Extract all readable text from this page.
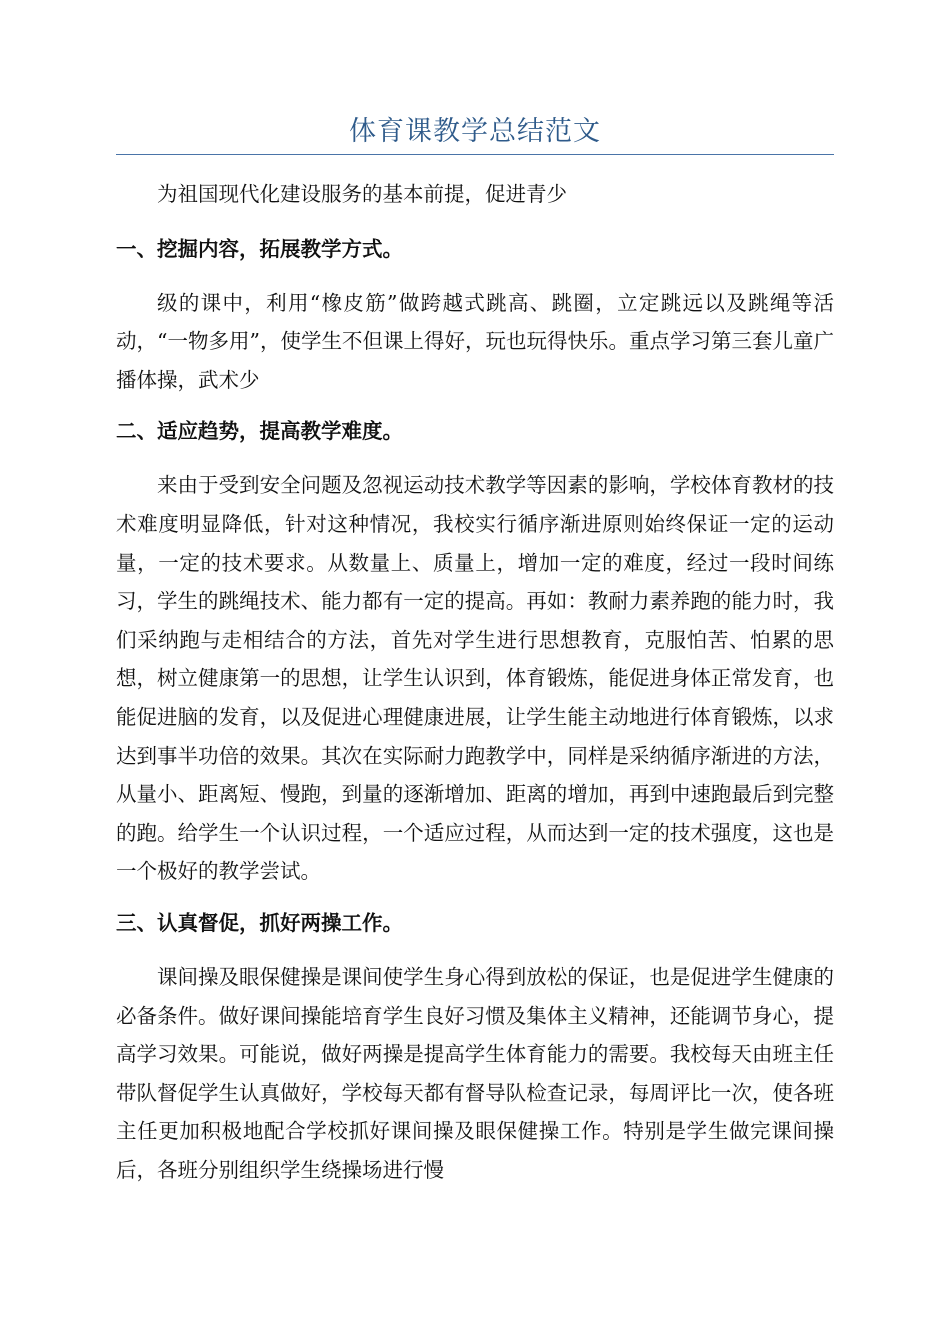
体育课教学总结范文

为祖国现代化建设服务的基本前提，促进青少

一、挖掘内容，拓展教学方式。

级的课中，利用“橡皮筋”做跨越式跳高、跳圈，立定跳远以及跳绳等活动，“一物多用”，使学生不但课上得好，玩也玩得快乐。重点学习第三套儿童广播体操，武术少

二、适应趋势，提高教学难度。

来由于受到安全问题及忽视运动技术教学等因素的影响，学校体育教材的技术难度明显降低，针对这种情况，我校实行循序渐进原则始终保证一定的运动量，一定的技术要求。从数量上、质量上，增加一定的难度，经过一段时间练习，学生的跳绳技术、能力都有一定的提高。再如：教耐力素养跑的能力时，我们采纳跑与走相结合的方法，首先对学生进行思想教育，克服怕苦、怕累的思想，树立健康第一的思想，让学生认识到，体育锻炼，能促进身体正常发育，也能促进脑的发育，以及促进心理健康进展，让学生能主动地进行体育锻炼，以求达到事半功倍的效果。其次在实际耐力跑教学中，同样是采纳循序渐进的方法，从量小、距离短、慢跑，到量的逐渐增加、距离的增加，再到中速跑最后到完整的跑。给学生一个认识过程，一个适应过程，从而达到一定的技术强度，这也是一个极好的教学尝试。

三、认真督促，抓好两操工作。

课间操及眼保健操是课间使学生身心得到放松的保证，也是促进学生健康的必备条件。做好课间操能培育学生良好习惯及集体主义精神，还能调节身心，提高学习效果。可能说，做好两操是提高学生体育能力的需要。我校每天由班主任带队督促学生认真做好，学校每天都有督导队检查记录，每周评比一次，使各班主任更加积极地配合学校抓好课间操及眼保健操工作。特别是学生做完课间操后，各班分别组织学生绕操场进行慢
